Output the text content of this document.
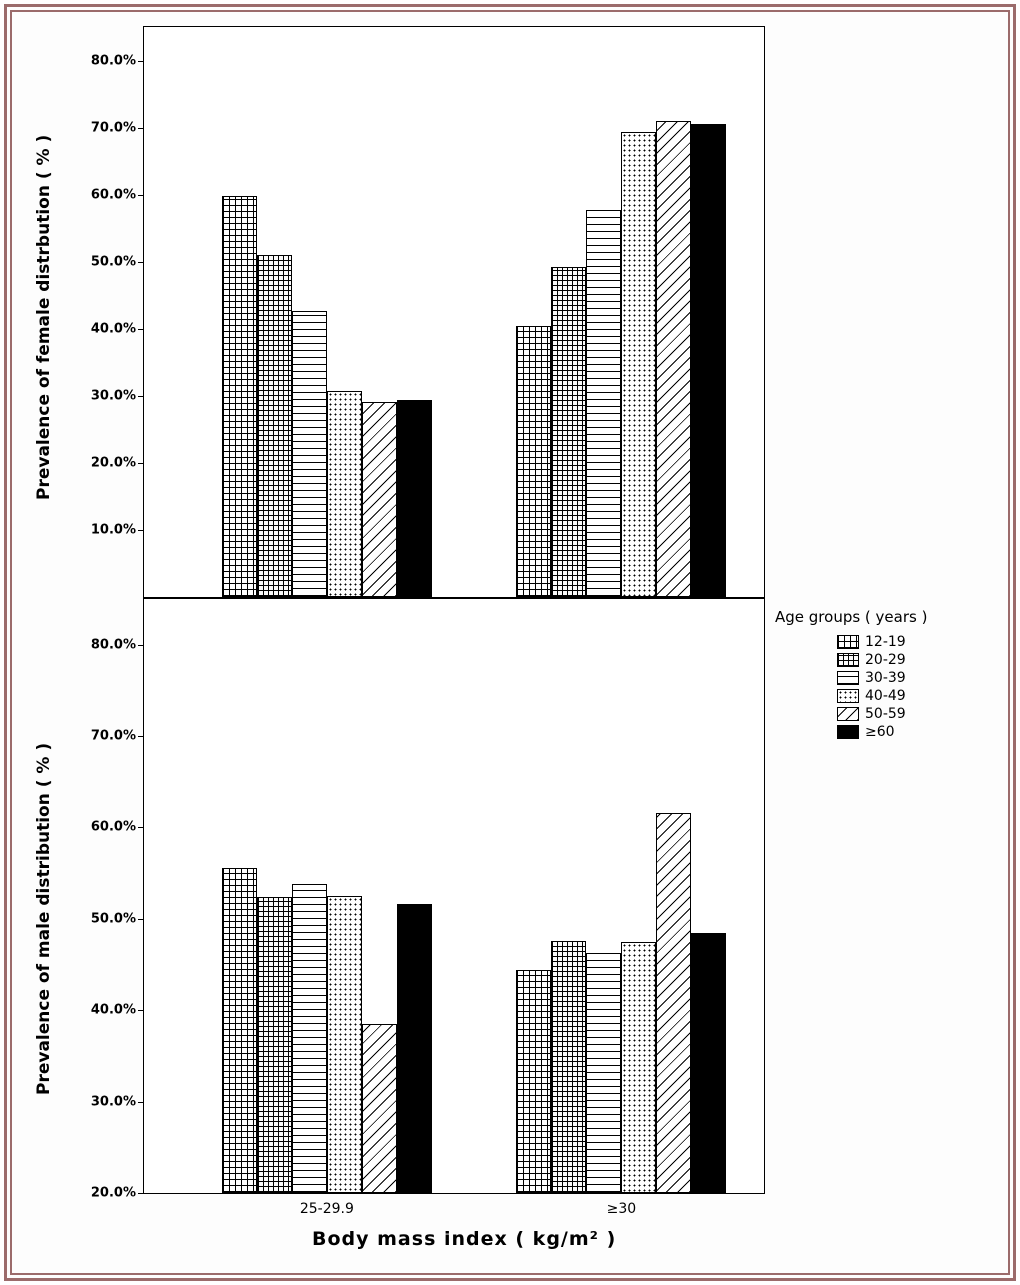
10.0%
20.0%
30.0%
40.0%
50.0%
60.0%
70.0%
80.0%
Prevalence of female distrbution ( % )
20.0%
30.0%
40.0%
50.0%
60.0%
70.0%
80.0%
25-29.9	≥30
Prevalence of male distribution ( % )
Body mass index ( kg/m² )
Age groups ( years )
12-19
20-29
30-39
40-49
50-59
≥60
